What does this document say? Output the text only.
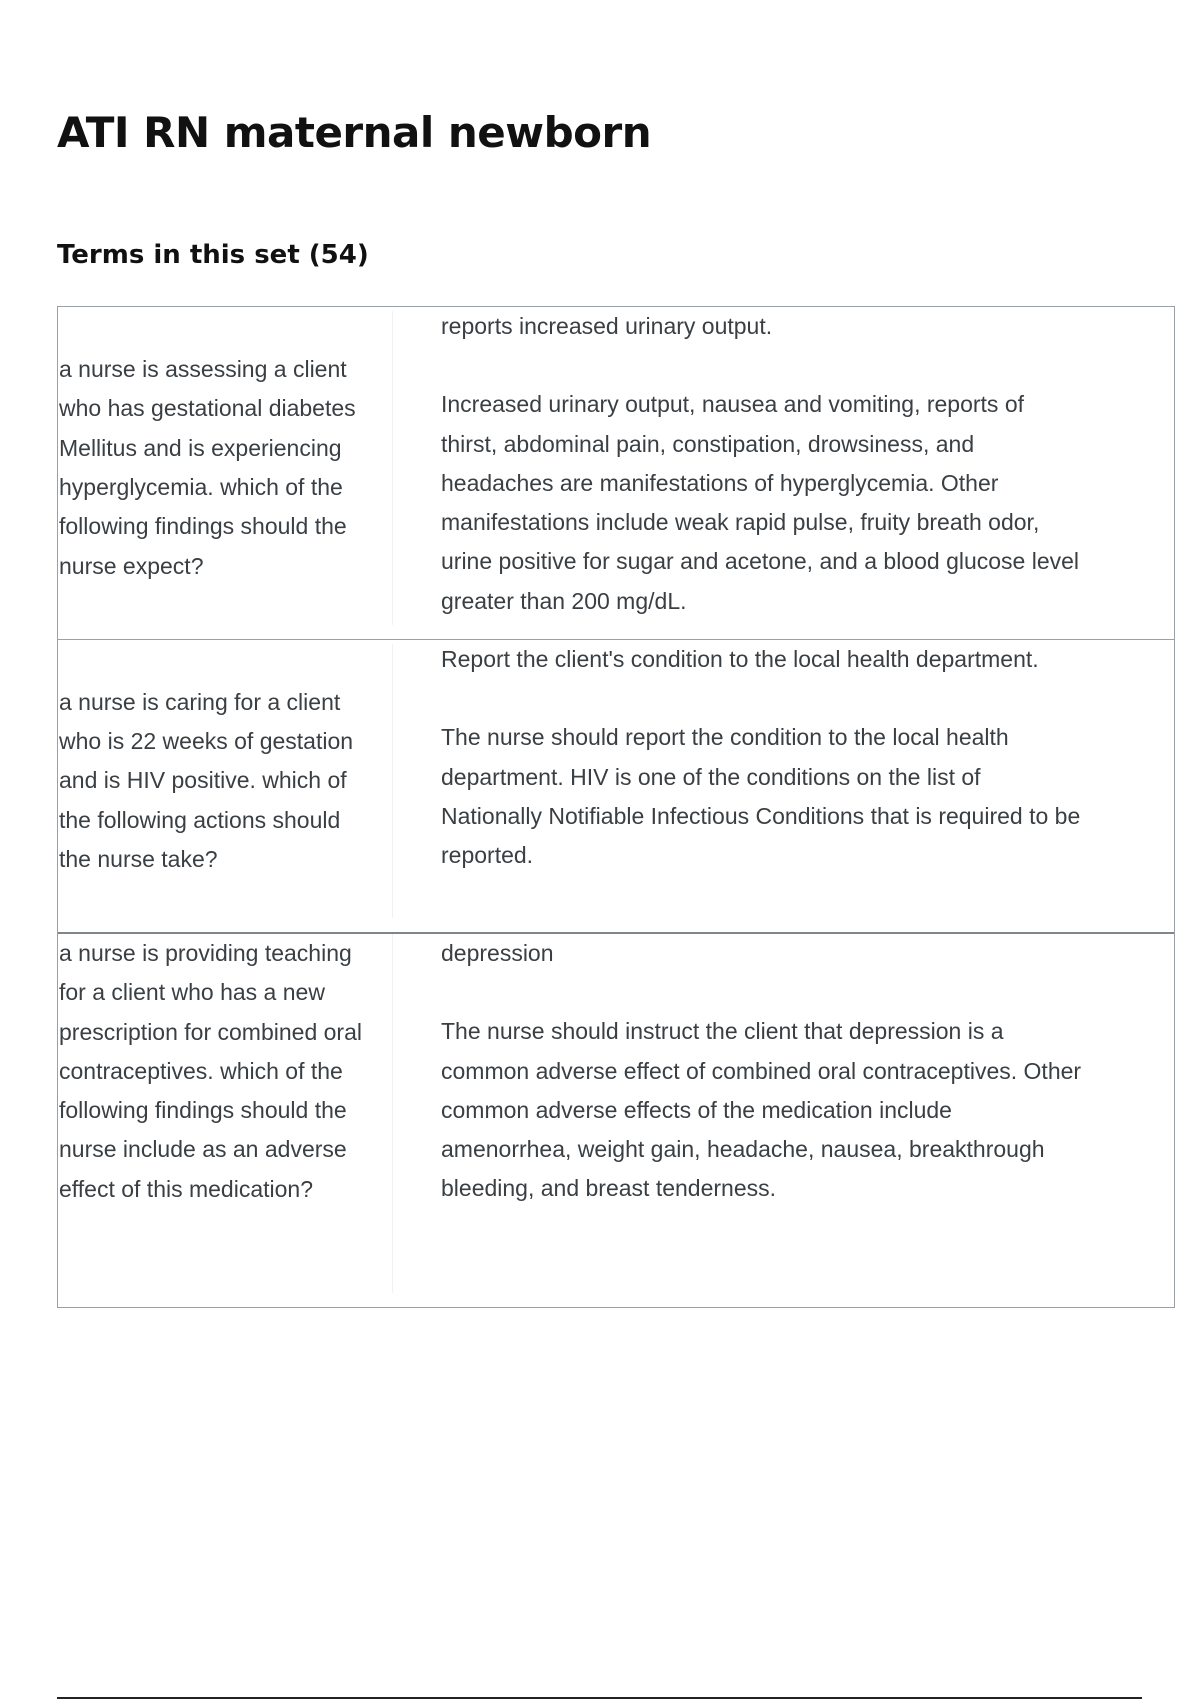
ATI RN maternal newborn
Terms in this set (54)
a nurse is assessing a client who has gestational diabetes Mellitus and is experiencing hyperglycemia. which of the following findings should the nurse expect?

reports increased urinary output.

Increased urinary output, nausea and vomiting, reports of thirst, abdominal pain, constipation, drowsiness, and headaches are manifestations of hyperglycemia. Other manifestations include weak rapid pulse, fruity breath odor, urine positive for sugar and acetone, and a blood glucose level greater than 200 mg/dL.

a nurse is caring for a client who is 22 weeks of gestation and is HIV positive. which of the following actions should the nurse take?

Report the client's condition to the local health department.

The nurse should report the condition to the local health department. HIV is one of the conditions on the list of Nationally Notifiable Infectious Conditions that is required to be reported.

a nurse is providing teaching for a client who has a new prescription for combined oral contraceptives. which of the following findings should the nurse include as an adverse effect of this medication?

depression

The nurse should instruct the client that depression is a common adverse effect of combined oral contraceptives. Other common adverse effects of the medication include amenorrhea, weight gain, headache, nausea, breakthrough bleeding, and breast tenderness.
